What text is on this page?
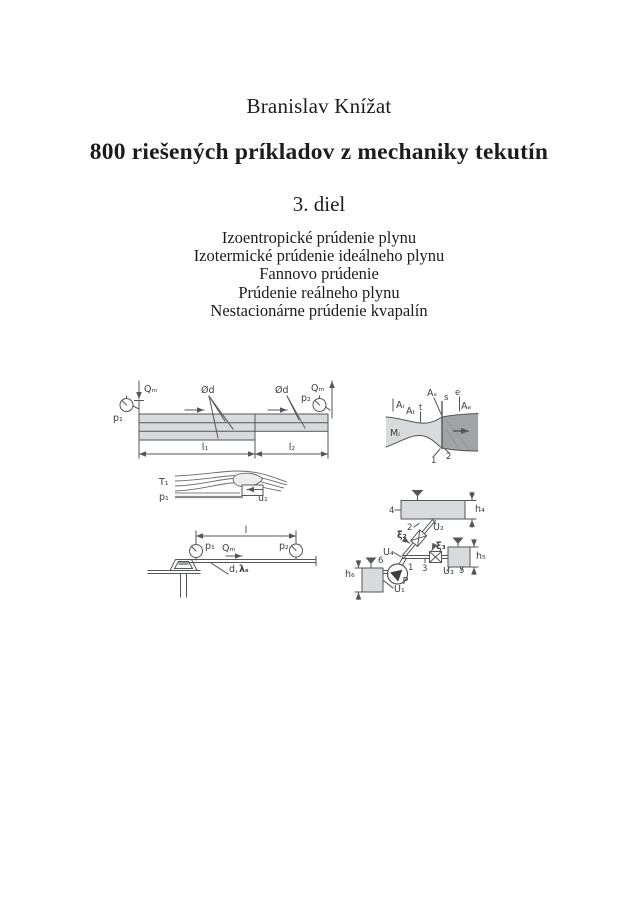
Branislav Knížat
800 riešených príkladov z mechaniky tekutín
3. diel
Izoentropické prúdenie plynu
Izotermické prúdenie ideálneho plynu
Fannovo prúdenie
Prúdenie reálneho plynu
Nestacionárne prúdenie kvapalín
Qₘ
p₁
Ød	Ød
p₂
Qₘ
l₁	l₂
Aᵢ
Aₜ t
Aₛ s e
Aₑ
Mᵢ
1 2
T₁
p₁	u₁
4	h₄
2 U₂
ξ₂
U₄
1
P
U₁
6
h₆	3
ξ₃
5
U₃
h₅
l
p₁	p₂
Qₘ
d, λₛ
